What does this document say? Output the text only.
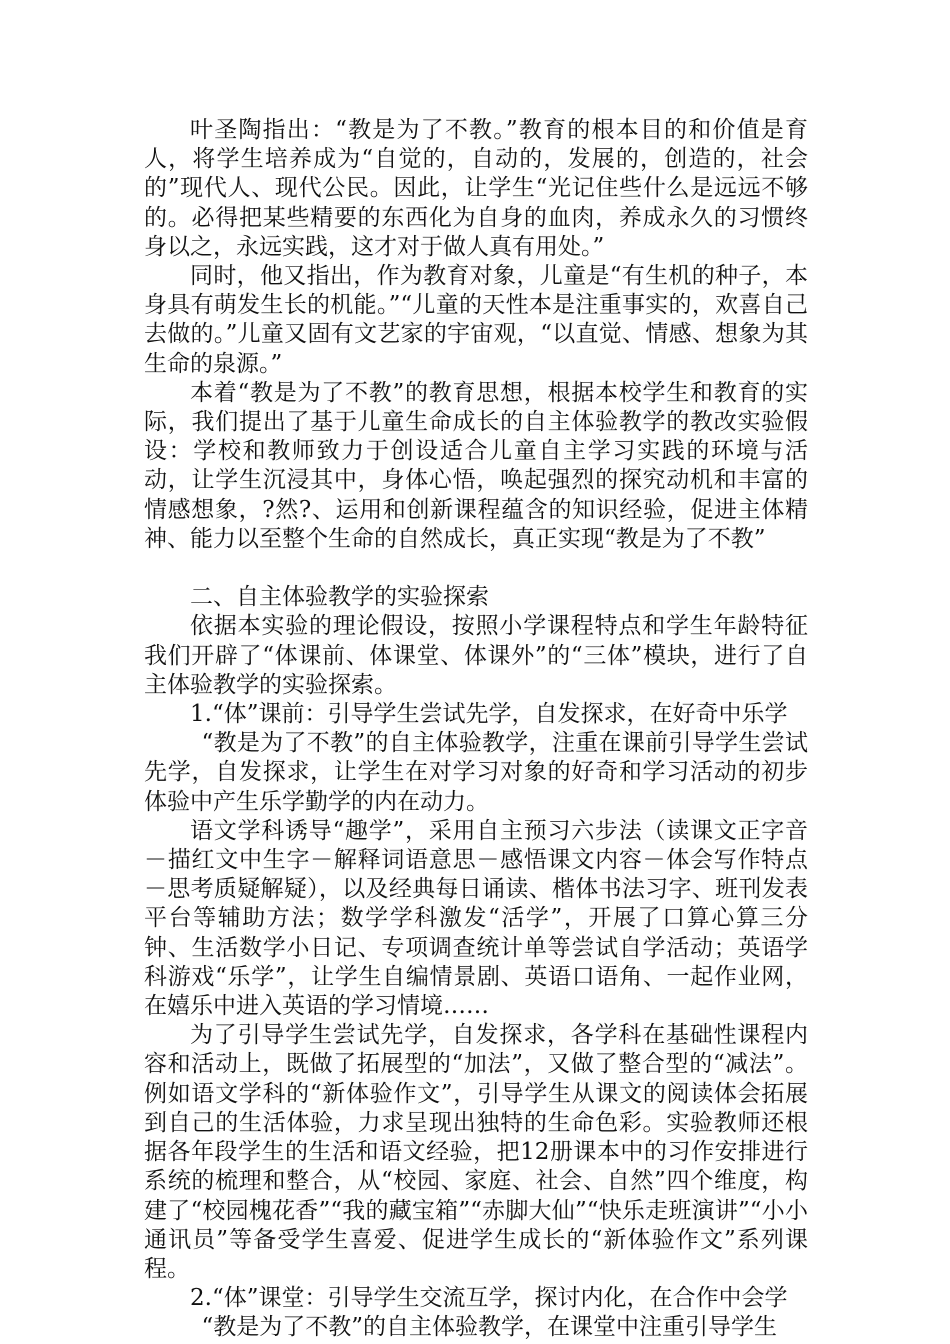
叶圣陶指出：“教是为了不教。”教育的根本目的和价值是育人，将学生培养成为“自觉的，自动的，发展的，创造的，社会的”现代人、现代公民。因此，让学生“光记住些什么是远远不够的。必得把某些精要的东西化为自身的血肉，养成永久的习惯终身以之，永远实践，这才对于做人真有用处。”

同时，他又指出，作为教育对象，儿童是“有生机的种子，本身具有萌发生长的机能。”“儿童的天性本是注重事实的，欢喜自己去做的。”儿童又固有文艺家的宇宙观，“以直觉、情感、想象为其生命的泉源。”

本着“教是为了不教”的教育思想，根据本校学生和教育的实际，我们提出了基于儿童生命成长的自主体验教学的教改实验假设：学校和教师致力于创设适合儿童自主学习实践的环境与活动，让学生沉浸其中，身体心悟，唤起强烈的探究动机和丰富的情感想象，?然?、运用和创新课程蕴含的知识经验，促进主体精神、能力以至整个生命的自然成长，真正实现“教是为了不教”

二、自主体验教学的实验探索

依据本实验的理论假设，按照小学课程特点和学生年龄特征我们开辟了“体课前、体课堂、体课外”的“三体”模块，进行了自主体验教学的实验探索。

1.“体”课前：引导学生尝试先学，自发探求，在好奇中乐学

“教是为了不教”的自主体验教学，注重在课前引导学生尝试先学，自发探求，让学生在对学习对象的好奇和学习活动的初步体验中产生乐学勤学的内在动力。

语文学科诱导“趣学”，采用自主预习六步法（读课文正字音－描红文中生字－解释词语意思－感悟课文内容－体会写作特点－思考质疑解疑），以及经典每日诵读、楷体书法习字、班刊发表平台等辅助方法；数学学科激发“活学”，开展了口算心算三分钟、生活数学小日记、专项调查统计单等尝试自学活动；英语学科游戏“乐学”，让学生自编情景剧、英语口语角、一起作业网，在嬉乐中进入英语的学习情境……

为了引导学生尝试先学，自发探求，各学科在基础性课程内容和活动上，既做了拓展型的“加法”，又做了整合型的“减法”。例如语文学科的“新体验作文”，引导学生从课文的阅读体会拓展到自己的生活体验，力求呈现出独特的生命色彩。实验教师还根据各年段学生的生活和语文经验，把12册课本中的习作安排进行系统的梳理和整合，从“校园、家庭、社会、自然”四个维度，构建了“校园槐花香”“我的藏宝箱”“赤脚大仙”“快乐走班演讲”“小小通讯员”等备受学生喜爱、促进学生成长的“新体验作文”系列课程。

2.“体”课堂：引导学生交流互学，探讨内化，在合作中会学

“教是为了不教”的自主体验教学，在课堂中注重引导学生
